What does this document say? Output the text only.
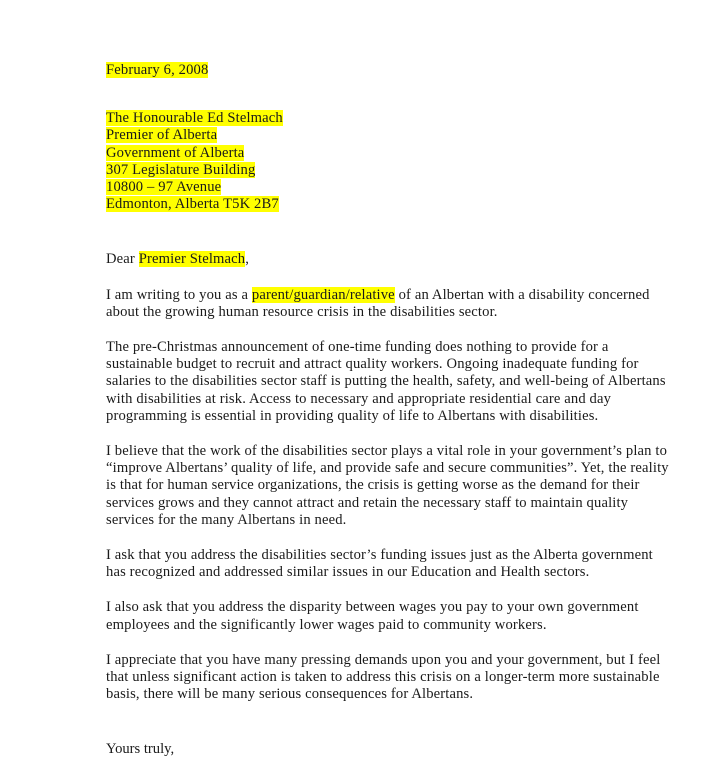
February 6, 2008
The Honourable Ed Stelmach
Premier of Alberta
Government of Alberta
307 Legislature Building
10800 – 97 Avenue
Edmonton, Alberta T5K 2B7
Dear Premier Stelmach,

I am writing to you as a parent/guardian/relative of an Albertan with a disability concerned about the growing human resource crisis in the disabilities sector.

The pre-Christmas announcement of one-time funding does nothing to provide for a sustainable budget to recruit and attract quality workers. Ongoing inadequate funding for salaries to the disabilities sector staff is putting the health, safety, and well-being of Albertans with disabilities at risk. Access to necessary and appropriate residential care and day programming is essential in providing quality of life to Albertans with disabilities.

I believe that the work of the disabilities sector plays a vital role in your government’s plan to “improve Albertans’ quality of life, and provide safe and secure communities”. Yet, the reality is that for human service organizations, the crisis is getting worse as the demand for their services grows and they cannot attract and retain the necessary staff to maintain quality services for the many Albertans in need.

I ask that you address the disabilities sector’s funding issues just as the Alberta government has recognized and addressed similar issues in our Education and Health sectors.

I also ask that you address the disparity between wages you pay to your own government employees and the significantly lower wages paid to community workers.

I appreciate that you have many pressing demands upon you and your government, but I feel that unless significant action is taken to address this crisis on a longer-term more sustainable basis, there will be many serious consequences for Albertans.

Yours truly,
